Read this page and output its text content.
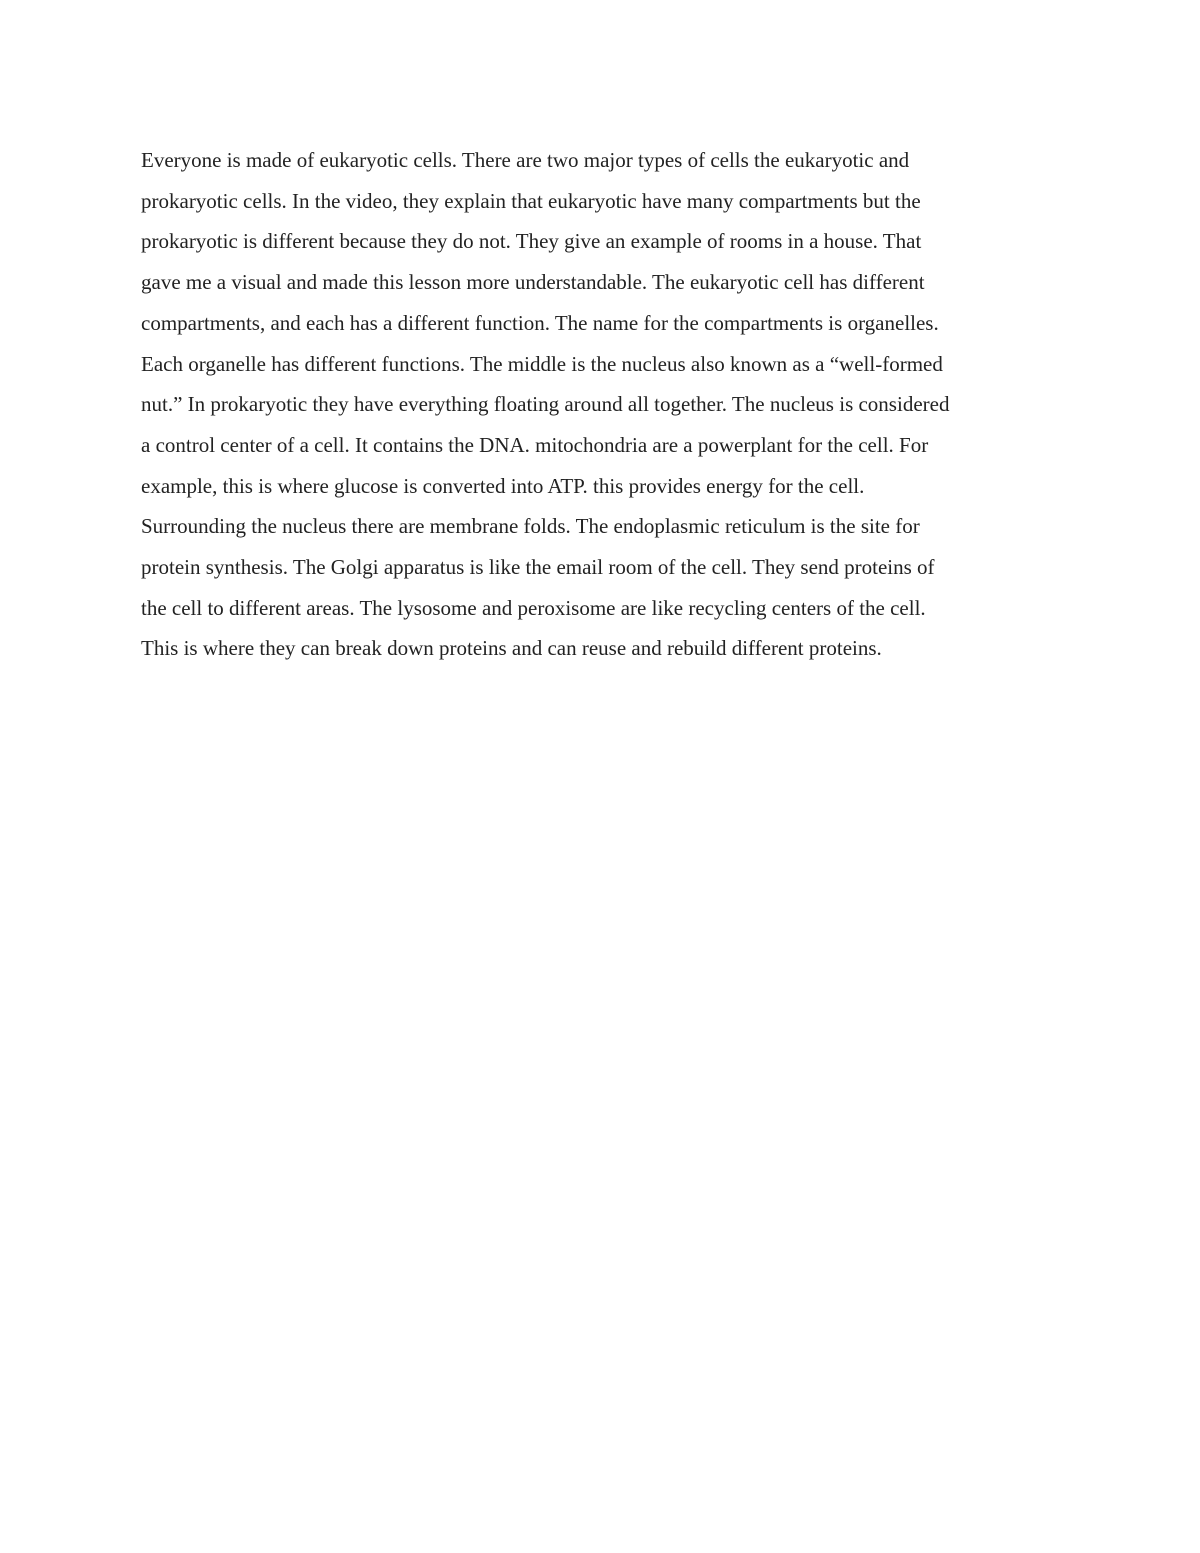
Everyone is made of eukaryotic cells. There are two major types of cells the eukaryotic and
prokaryotic cells. In the video, they explain that eukaryotic have many compartments but the
prokaryotic is different because they do not. They give an example of rooms in a house. That
gave me a visual and made this lesson more understandable. The eukaryotic cell has different
compartments, and each has a different function. The name for the compartments is organelles.
Each organelle has different functions. The middle is the nucleus also known as a “well-formed
nut.” In prokaryotic they have everything floating around all together. The nucleus is considered
a control center of a cell. It contains the DNA. mitochondria are a powerplant for the cell. For
example, this is where glucose is converted into ATP. this provides energy for the cell.
Surrounding the nucleus there are membrane folds. The endoplasmic reticulum is the site for
protein synthesis. The Golgi apparatus is like the email room of the cell. They send proteins of
the cell to different areas. The lysosome and peroxisome are like recycling centers of the cell.
This is where they can break down proteins and can reuse and rebuild different proteins.
